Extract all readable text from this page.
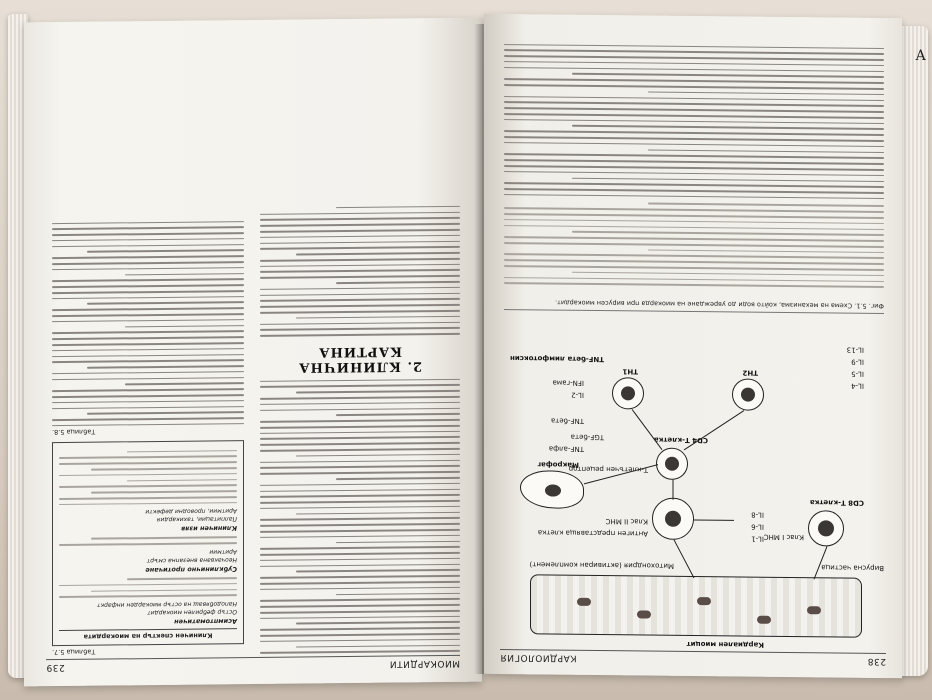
МИОКАРДИТИ
239
2. КЛИНИЧНА КАРТИНА
Таблица 5.7.
Клиничен спектър на миокардита
Асимптоматичен
Остър фебрилен миокардит
Наподобяващ на остър миокарден инфаркт
Субклинично протичане
Неочаквана внезапна смърт
Аритмии
Клиничен изяв
Палпитации, тахикардия
Аритмии, проводни дефекти
Таблица 5.8.
238
КАРДИОЛОГИЯ
Кардиален миоцит
Вирусна частица
Митохондрия (активиран комплемент)
CD8 Т-клетка
Клас I МНС
Антиген представяща клетка
Клас II МНС
Т-клетъчен рецептор
CD4 Т-клетка
Макрофаг
TNF-алфа
TGF-бета
IL-1
IL-6
IL-8
ТН2
ТН1
IL-4
IL-5
IL-9
IL-13
IL-2
IFN-гама
TNF-бета лимфотоксин
TNF-бета
Фиг. 5.1. Схема на механизма, който води до увреждане на миокарда при вирусен миокардит.
А
